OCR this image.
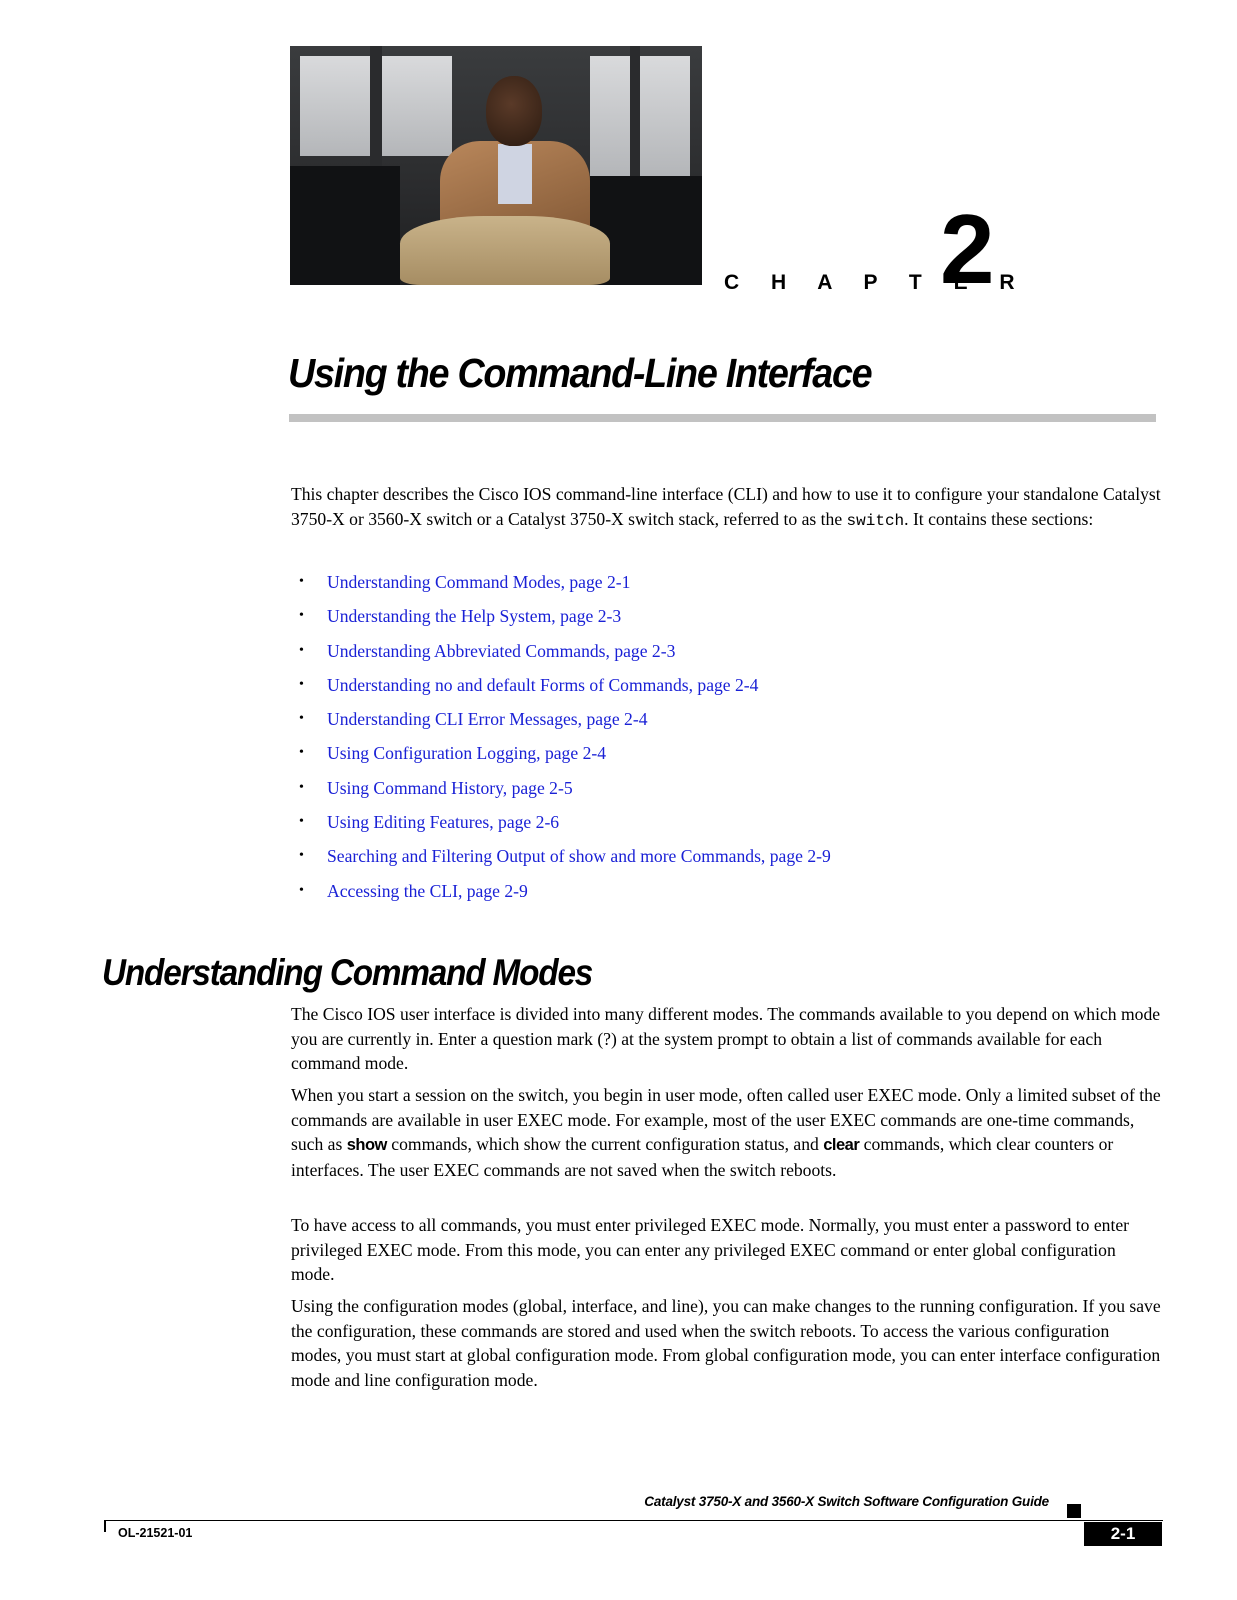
C H A P T E R
2
Using the Command-Line Interface

This chapter describes the Cisco IOS command-line interface (CLI) and how to use it to configure your standalone Catalyst 3750-X or 3560-X switch or a Catalyst 3750-X switch stack, referred to as the switch. It contains these sections:

•	Understanding Command Modes, page 2-1
•	Understanding the Help System, page 2-3
•	Understanding Abbreviated Commands, page 2-3
•	Understanding no and default Forms of Commands, page 2-4
•	Understanding CLI Error Messages, page 2-4
•	Using Configuration Logging, page 2-4
•	Using Command History, page 2-5
•	Using Editing Features, page 2-6
•	Searching and Filtering Output of show and more Commands, page 2-9
•	Accessing the CLI, page 2-9
Understanding Command Modes

The Cisco IOS user interface is divided into many different modes. The commands available to you depend on which mode you are currently in. Enter a question mark (?) at the system prompt to obtain a list of commands available for each command mode.

When you start a session on the switch, you begin in user mode, often called user EXEC mode. Only a limited subset of the commands are available in user EXEC mode. For example, most of the user EXEC commands are one-time commands, such as show commands, which show the current configuration status, and clear commands, which clear counters or interfaces. The user EXEC commands are not saved when the switch reboots.

To have access to all commands, you must enter privileged EXEC mode. Normally, you must enter a password to enter privileged EXEC mode. From this mode, you can enter any privileged EXEC command or enter global configuration mode.

Using the configuration modes (global, interface, and line), you can make changes to the running configuration. If you save the configuration, these commands are stored and used when the switch reboots. To access the various configuration modes, you must start at global configuration mode. From global configuration mode, you can enter interface configuration mode and line configuration mode.

Catalyst 3750-X and 3560-X Switch Software Configuration Guide
OL-21521-01	2-1
